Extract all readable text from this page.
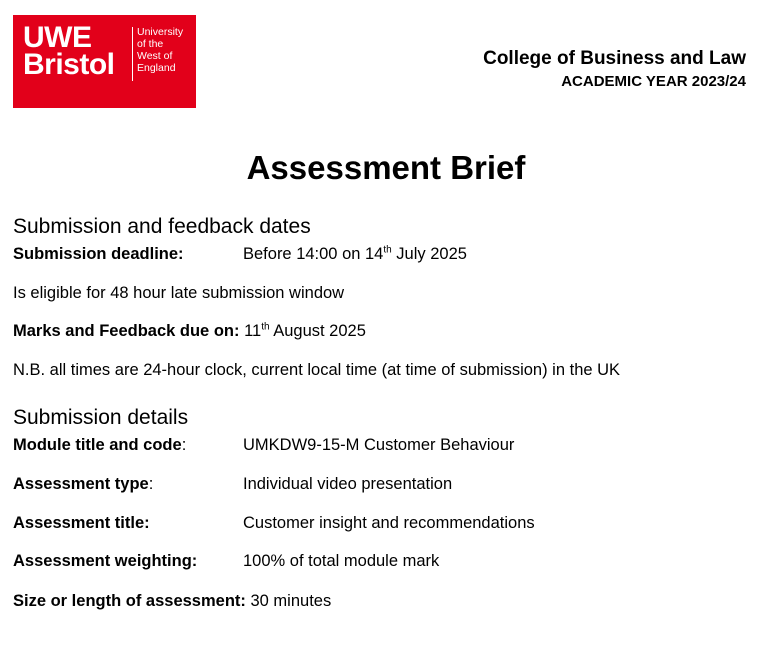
UWE
Bristol
University
of the
West of
England	College of Business and Law
ACADEMIC YEAR 2023/24
Assessment Brief
Submission and feedback dates
Submission deadline:	Before 14:00 on 14th July 2025
Is eligible for 48 hour late submission window
Marks and Feedback due on: 11th August 2025
N.B. all times are 24-hour clock, current local time (at time of submission) in the UK
Submission details
Module title and code:	UMKDW9-15-M Customer Behaviour
Assessment type:	Individual video presentation
Assessment title:	Customer insight and recommendations
Assessment weighting:	100% of total module mark
Size or length of assessment: 30 minutes
